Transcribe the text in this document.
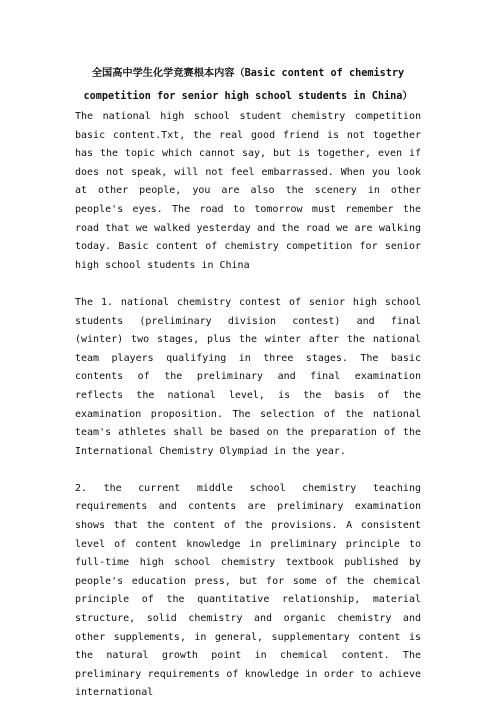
全国高中学生化学竞赛根本内容（Basic content of chemistry competition for senior high school students in China）

The national high school student chemistry competition basic content.Txt, the real good friend is not together has the topic which cannot say, but is together, even if does not speak, will not feel embarrassed. When you look at other people, you are also the scenery in other people's eyes. The road to tomorrow must remember the road that we walked yesterday and the road we are walking today. Basic content of chemistry competition for senior high school students in China

The 1. national chemistry contest of senior high school students (preliminary division contest) and final (winter) two stages, plus the winter after the national team players qualifying in three stages. The basic contents of the preliminary and final examination reflects the national level, is the basis of the examination proposition. The selection of the national team's athletes shall be based on the preparation of the International Chemistry Olympiad in the year.

2. the current middle school chemistry teaching requirements and contents are preliminary examination shows that the content of the provisions. A consistent level of content knowledge in preliminary principle to full-time high school chemistry textbook published by people's education press, but for some of the chemical principle of the quantitative relationship, material structure, solid chemistry and organic chemistry and other supplements, in general, supplementary content is the natural growth point in chemical content. The preliminary requirements of knowledge in order to achieve international
